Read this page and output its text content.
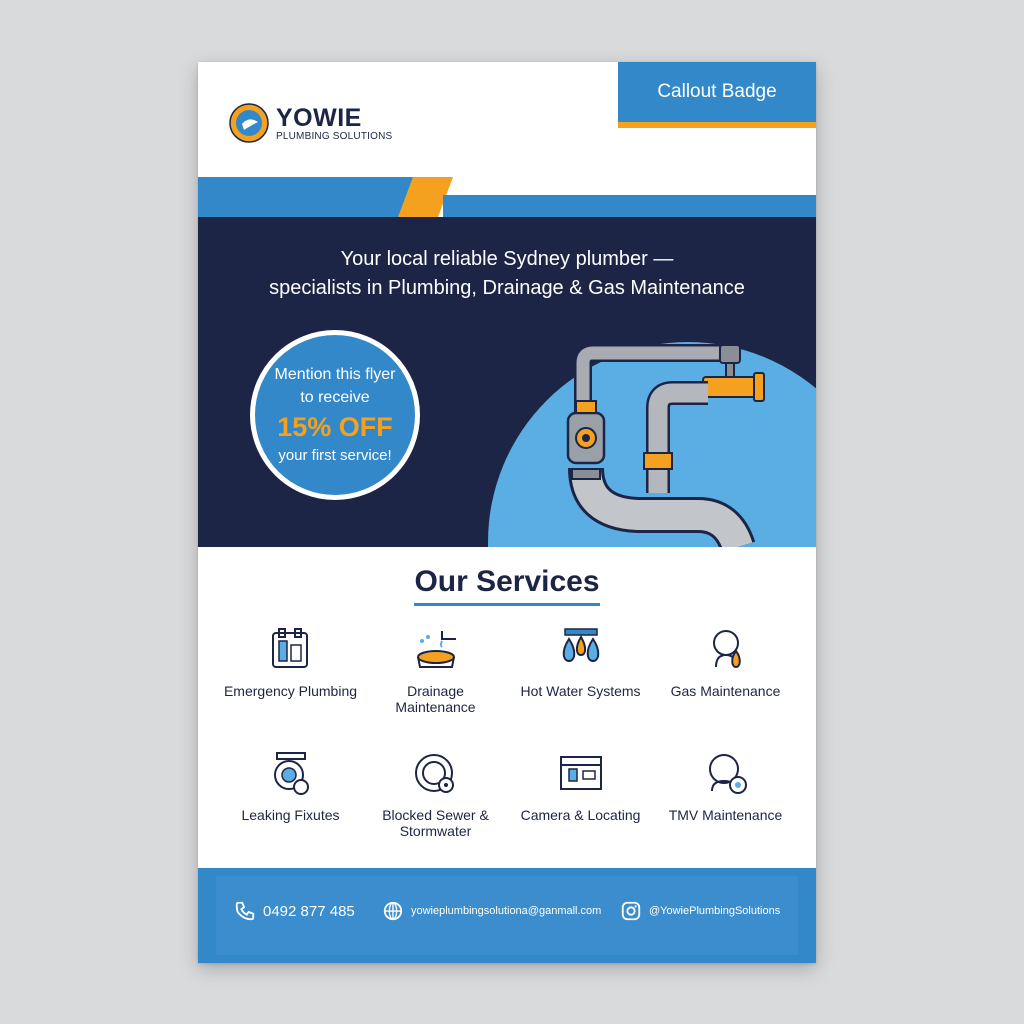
YOWIE
PLUMBING SOLUTIONS
Callout Badge
Your local reliable Sydney plumber —
specialists in Plumbing, Drainage & Gas Maintenance
Mention this flyer
to receive
15% OFF
your first service!
Our Services
Emergency Plumbing	Drainage Maintenance
Hot Water Systems	Gas Maintenance
Leaking Fixutes	Blocked Sewer & Stormwater
Camera & Locating	TMV Maintenance
0492 877 485	yowieplumbingsolutiona@ganmall.com	@YowiePlumbingSolutions
